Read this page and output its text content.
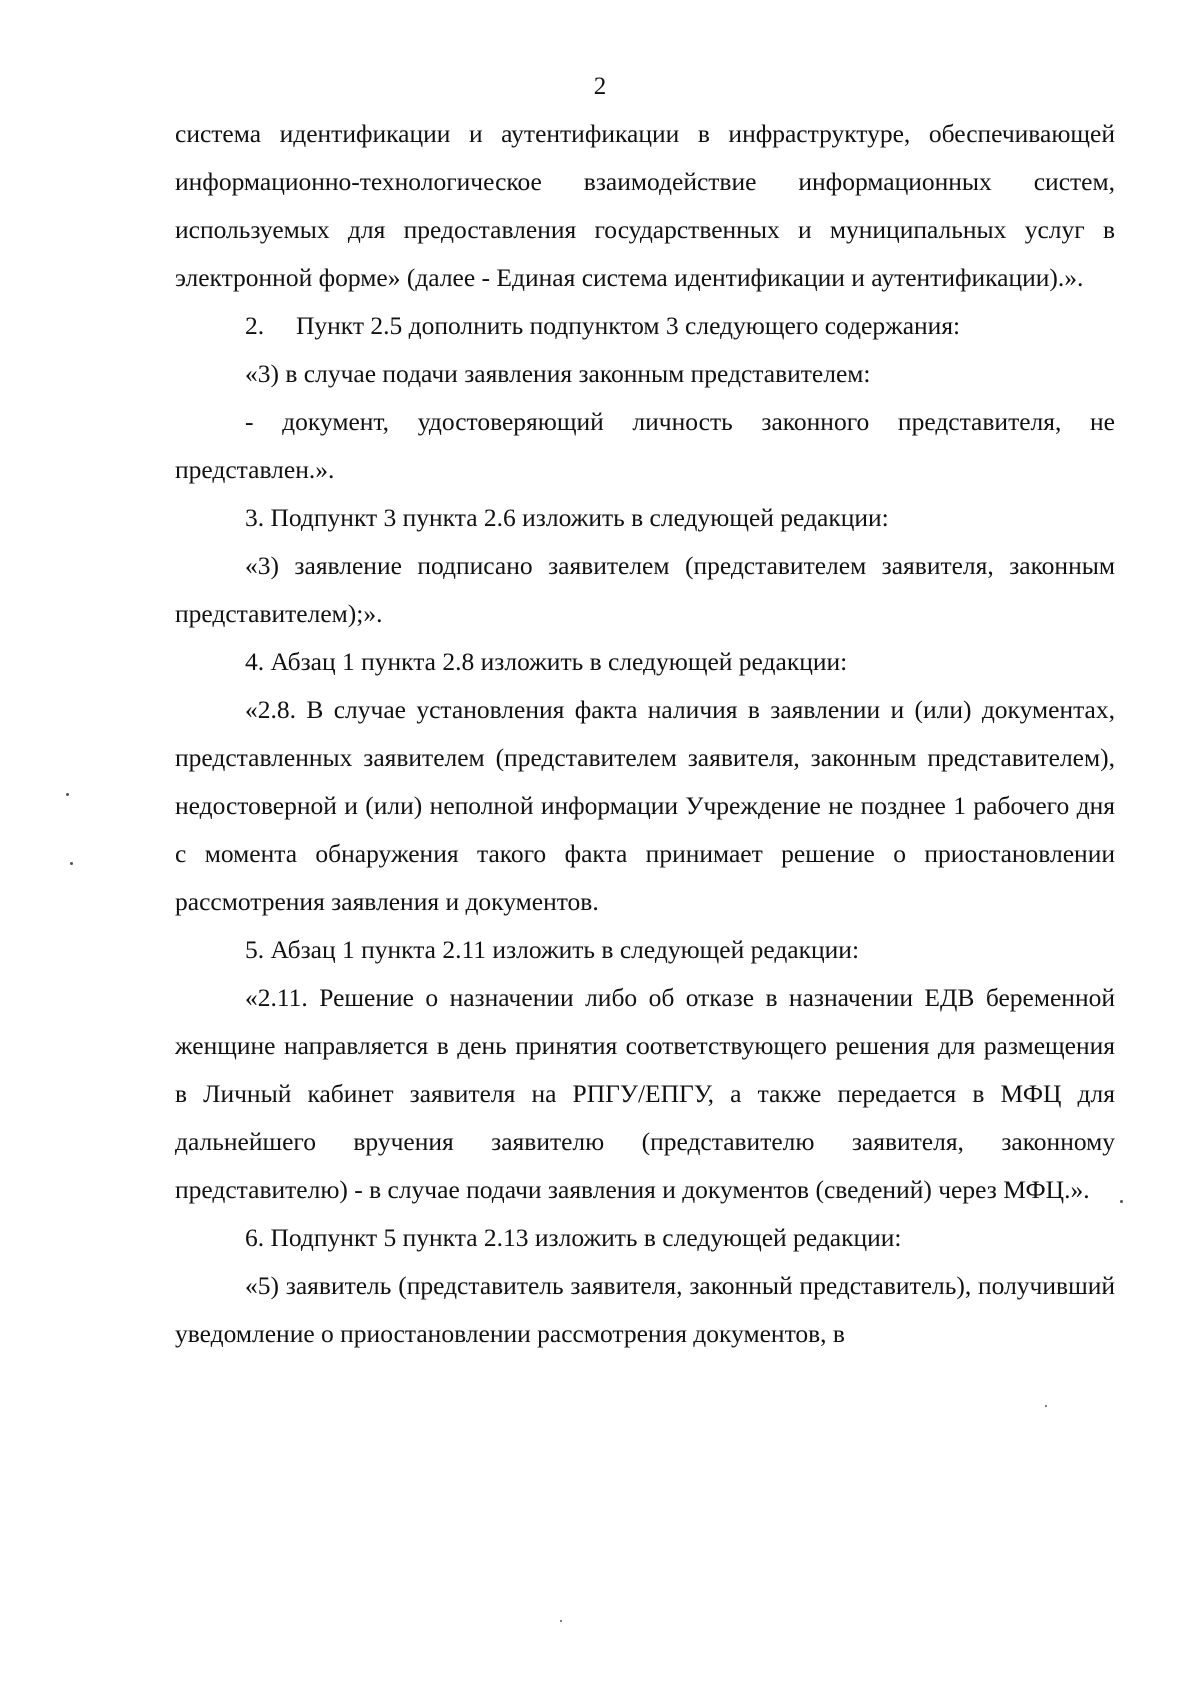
2

система идентификации и аутентификации в инфраструктуре, обеспечивающей информационно-технологическое взаимодействие информационных систем, используемых для предоставления государственных и муниципальных услуг в электронной форме» (далее - Единая система идентификации и аутентификации).».

2.     Пункт 2.5 дополнить подпунктом 3 следующего содержания:

«3) в случае подачи заявления законным представителем:

- документ, удостоверяющий личность законного представителя, не представлен.».

3. Подпункт 3 пункта 2.6 изложить в следующей редакции:

«3) заявление подписано заявителем (представителем заявителя, законным представителем);».

4. Абзац 1 пункта 2.8 изложить в следующей редакции:

«2.8. В случае установления факта наличия в заявлении и (или) документах, представленных заявителем (представителем заявителя, законным представителем), недостоверной и (или) неполной информации Учреждение не позднее 1 рабочего дня с момента обнаружения такого факта принимает решение о приостановлении рассмотрения заявления и документов.

5. Абзац 1 пункта 2.11 изложить в следующей редакции:

«2.11. Решение о назначении либо об отказе в назначении ЕДВ беременной женщине направляется в день принятия соответствующего решения для размещения в Личный кабинет заявителя на РПГУ/ЕПГУ, а также передается в МФЦ для дальнейшего вручения заявителю (представителю заявителя, законному представителю) - в случае подачи заявления и документов (сведений) через МФЦ.».

6. Подпункт 5 пункта 2.13 изложить в следующей редакции:

«5) заявитель (представитель заявителя, законный представитель), получивший уведомление о приостановлении рассмотрения документов, в
